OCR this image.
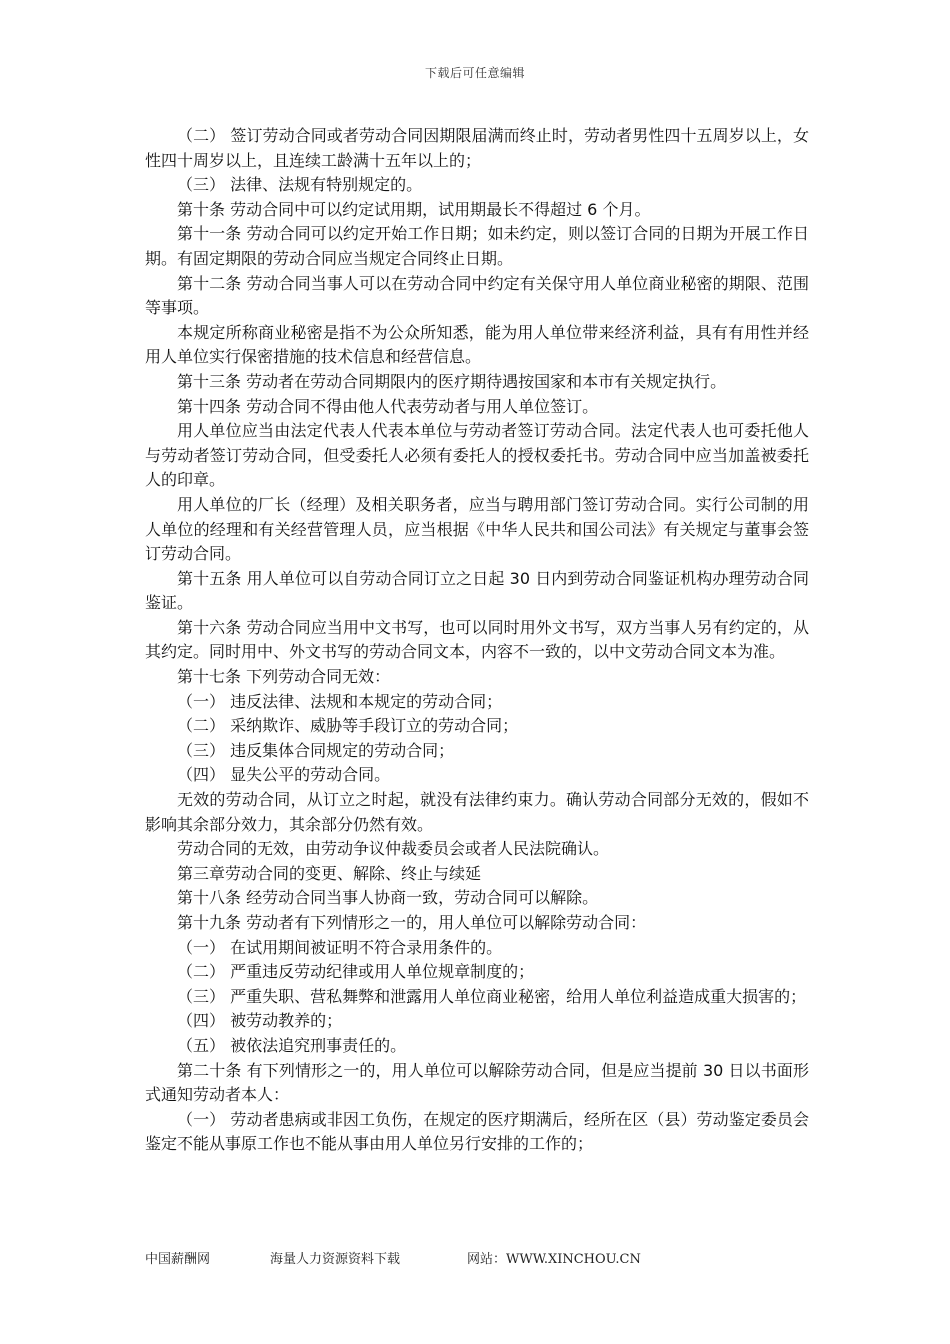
下载后可任意编辑

（二） 签订劳动合同或者劳动合同因期限届满而终止时，劳动者男性四十五周岁以上，女性四十周岁以上，且连续工龄满十五年以上的；

（三） 法律、法规有特别规定的。

第十条 劳动合同中可以约定试用期，试用期最长不得超过 6 个月。

第十一条 劳动合同可以约定开始工作日期；如未约定，则以签订合同的日期为开展工作日期。有固定期限的劳动合同应当规定合同终止日期。

第十二条 劳动合同当事人可以在劳动合同中约定有关保守用人单位商业秘密的期限、范围等事项。

本规定所称商业秘密是指不为公众所知悉，能为用人单位带来经济利益，具有有用性并经用人单位实行保密措施的技术信息和经营信息。

第十三条 劳动者在劳动合同期限内的医疗期待遇按国家和本市有关规定执行。

第十四条 劳动合同不得由他人代表劳动者与用人单位签订。

用人单位应当由法定代表人代表本单位与劳动者签订劳动合同。法定代表人也可委托他人与劳动者签订劳动合同，但受委托人必须有委托人的授权委托书。劳动合同中应当加盖被委托人的印章。

用人单位的厂长（经理）及相关职务者，应当与聘用部门签订劳动合同。实行公司制的用人单位的经理和有关经营管理人员，应当根据《中华人民共和国公司法》有关规定与董事会签订劳动合同。

第十五条 用人单位可以自劳动合同订立之日起 30 日内到劳动合同鉴证机构办理劳动合同鉴证。

第十六条 劳动合同应当用中文书写，也可以同时用外文书写，双方当事人另有约定的，从其约定。同时用中、外文书写的劳动合同文本，内容不一致的，以中文劳动合同文本为准。

第十七条 下列劳动合同无效：

（一） 违反法律、法规和本规定的劳动合同；

（二） 采纳欺诈、威胁等手段订立的劳动合同；

（三） 违反集体合同规定的劳动合同；

（四） 显失公平的劳动合同。

无效的劳动合同，从订立之时起，就没有法律约束力。确认劳动合同部分无效的，假如不影响其余部分效力，其余部分仍然有效。

劳动合同的无效，由劳动争议仲裁委员会或者人民法院确认。

第三章劳动合同的变更、解除、终止与续延

第十八条 经劳动合同当事人协商一致，劳动合同可以解除。

第十九条 劳动者有下列情形之一的，用人单位可以解除劳动合同：

（一） 在试用期间被证明不符合录用条件的。

（二） 严重违反劳动纪律或用人单位规章制度的；

（三） 严重失职、营私舞弊和泄露用人单位商业秘密，给用人单位利益造成重大损害的；

（四） 被劳动教养的；

（五） 被依法追究刑事责任的。

第二十条 有下列情形之一的，用人单位可以解除劳动合同，但是应当提前 30 日以书面形式通知劳动者本人：

（一） 劳动者患病或非因工负伤，在规定的医疗期满后，经所在区（县）劳动鉴定委员会鉴定不能从事原工作也不能从事由用人单位另行安排的工作的；

中国薪酬网	海量人力资源资料下载	网站：WWW.XINCHOU.CN
